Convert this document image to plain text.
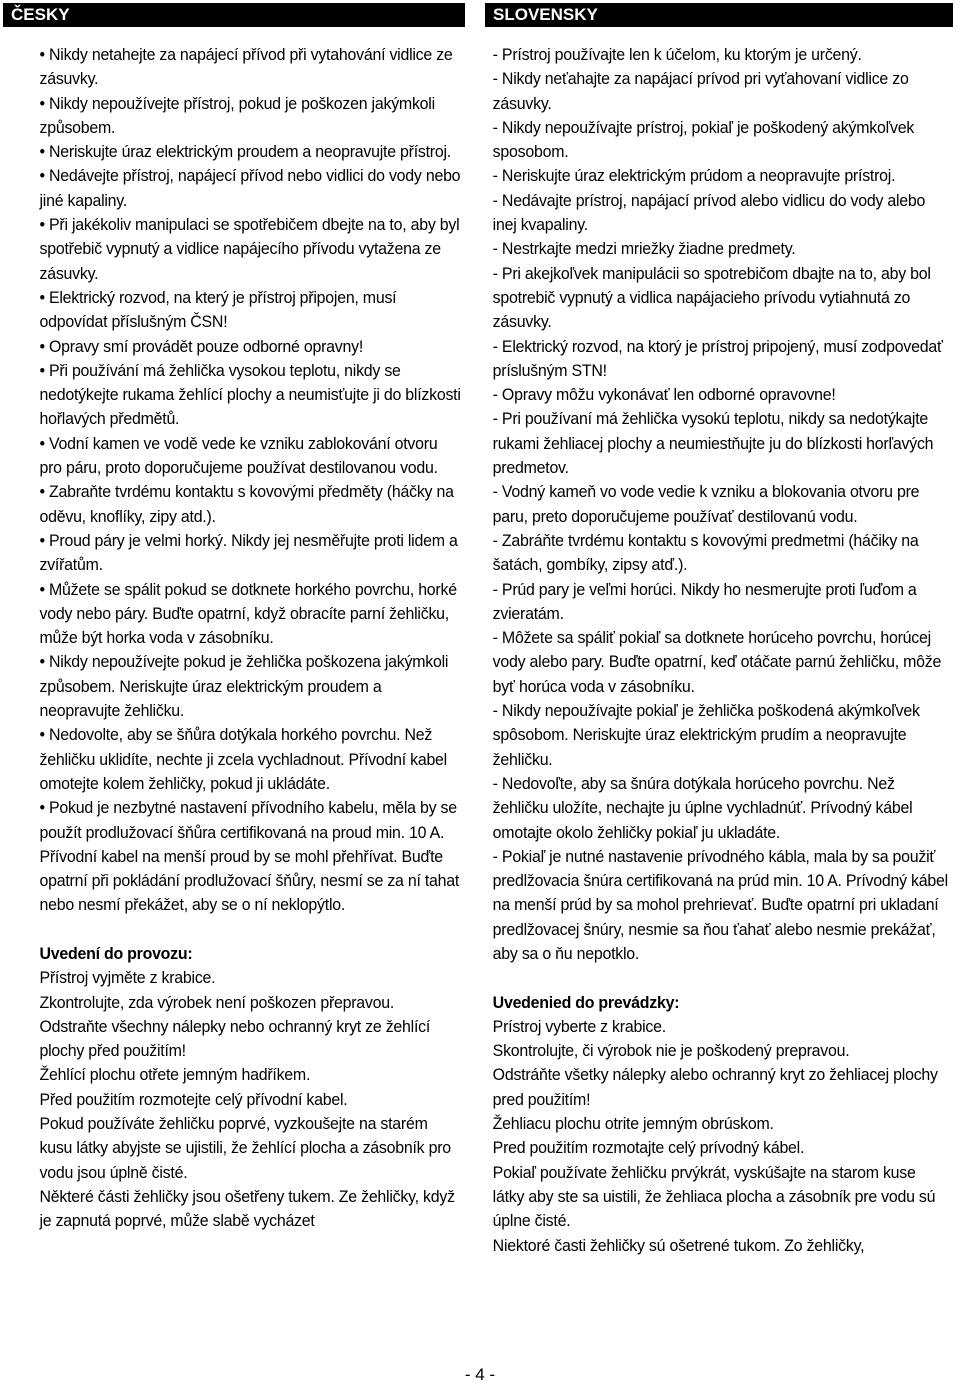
ČESKY

• Nikdy netahejte za napájecí přívod při vytahování vidlice ze zásuvky.

• Nikdy nepoužívejte přístroj, pokud je poškozen jakýmkoli způsobem.

• Neriskujte úraz elektrickým proudem a neopravujte přístroj.

• Nedávejte přístroj, napájecí přívod nebo vidlici do vody nebo jiné kapaliny.

• Při jakékoliv manipulaci se spotřebičem dbejte na to, aby byl spotřebič vypnutý a vidlice napájecího přívodu vytažena ze zásuvky.

• Elektrický rozvod, na který je přístroj připojen, musí odpovídat příslušným ČSN!

• Opravy smí provádět pouze odborné opravny!

• Při používání má žehlička vysokou teplotu, nikdy se nedotýkejte rukama žehlící plochy a neumisťujte ji do blízkosti hořlavých předmětů.

• Vodní kamen ve vodě vede ke vzniku zablokování otvoru pro páru, proto doporučujeme používat destilovanou vodu.

• Zabraňte tvrdému kontaktu s kovovými předměty (háčky na oděvu, knoflíky, zipy atd.).

• Proud páry je velmi horký. Nikdy jej nesměřujte proti lidem a zvířatům.

• Můžete se spálit pokud se dotknete horkého povrchu, horké vody nebo páry. Buďte opatrní, když obracíte parní žehličku, může být horka voda v zásobníku.

• Nikdy nepoužívejte pokud je žehlička poškozena jakýmkoli způsobem. Neriskujte úraz elektrickým proudem a neopravujte žehličku.

• Nedovolte, aby se šňůra dotýkala horkého povrchu. Než žehličku uklidíte, nechte ji zcela vychladnout. Přívodní kabel omotejte kolem žehličky, pokud ji ukládáte.

• Pokud je nezbytné nastavení přívodního kabelu, měla by se použít prodlužovací šňůra certifikovaná na proud min. 10 A. Přívodní kabel na menší proud by se mohl přehřívat. Buďte opatrní při pokládání prodlužovací šňůry, nesmí se za ní tahat nebo nesmí překážet, aby se o ní neklopýtlo.

Uvedení do provozu:

Přístroj vyjměte z krabice.

Zkontrolujte, zda výrobek není poškozen přepravou.

Odstraňte všechny nálepky nebo ochranný kryt ze žehlící plochy před použitím!

Žehlící plochu otřete jemným hadříkem.

Před použitím rozmotejte celý přívodní kabel.

Pokud používáte žehličku poprvé, vyzkoušejte na starém kusu látky abyjste se ujistili, že žehlící plocha a zásobník pro vodu jsou úplně čisté.

Některé části žehličky jsou ošetřeny tukem. Ze žehličky, když je zapnutá poprvé, může slabě vycházet

SLOVENSKY

- Prístroj používajte len k účelom, ku ktorým je určený.

- Nikdy neťahajte za napájací prívod pri vyťahovaní vidlice zo zásuvky.

- Nikdy nepoužívajte prístroj, pokiaľ je poškodený akýmkoľvek sposobom.

- Neriskujte úraz elektrickým prúdom a neopravujte prístroj.

- Nedávajte prístroj, napájací prívod alebo vidlicu do vody alebo inej kvapaliny.

- Nestrkajte medzi mriežky žiadne predmety.

- Pri akejkoľvek manipulácii so spotrebičom dbajte na to, aby bol spotrebič vypnutý a vidlica napájacieho prívodu vytiahnutá zo zásuvky.

- Elektrický rozvod, na ktorý je prístroj pripojený, musí zodpovedať príslušným STN!

- Opravy môžu vykonávať len odborné opravovne!

- Pri používaní má žehlička vysokú teplotu, nikdy sa nedotýkajte rukami žehliacej plochy a neumiestňujte ju do blízkosti horľavých predmetov.

- Vodný kameň vo vode vedie k vzniku a blokovania otvoru pre paru, preto doporučujeme používať destilovanú vodu.

- Zabráňte tvrdému kontaktu s kovovými predmetmi (háčiky na šatách, gombíky, zipsy atď.).

- Prúd pary je veľmi horúci. Nikdy ho nesmerujte proti ľuďom a zvieratám.

- Môžete sa spáliť pokiaľ sa dotknete horúceho povrchu, horúcej vody alebo pary. Buďte opatrní, keď otáčate parnú žehličku, môže byť horúca voda v zásobníku.

- Nikdy nepoužívajte pokiaľ je žehlička poškodená akýmkoľvek spôsobom. Neriskujte úraz elektrickým prudím a neopravujte žehličku.

- Nedovoľte, aby sa šnúra dotýkala horúceho povrchu. Než žehličku uložíte, nechajte ju úplne vychladnúť. Prívodný kábel omotajte okolo žehličky pokiaľ ju ukladáte.

- Pokiaľ je nutné nastavenie prívodného kábla, mala by sa použiť predlžovacia šnúra certifikovaná na prúd min. 10 A. Prívodný kábel na menší prúd by sa mohol prehrievať. Buďte opatrní pri ukladaní predlžovacej šnúry, nesmie sa ňou ťahať alebo nesmie prekážať, aby sa o ňu nepotklo.

Uvedenied do prevádzky:

Prístroj vyberte z krabice.

Skontrolujte, či výrobok nie je poškodený prepravou.

Odstráňte všetky nálepky alebo ochranný kryt zo žehliacej plochy pred použitím!

Žehliacu plochu otrite jemným obrúskom.

Pred použitím rozmotajte celý prívodný kábel.

Pokiaľ používate žehličku prvýkrát, vyskúšajte na starom kuse látky aby ste sa uistili, že žehliaca plocha a zásobník pre vodu sú úplne čisté.

Niektoré časti žehličky sú ošetrené tukom. Zo žehličky,

- 4 -
